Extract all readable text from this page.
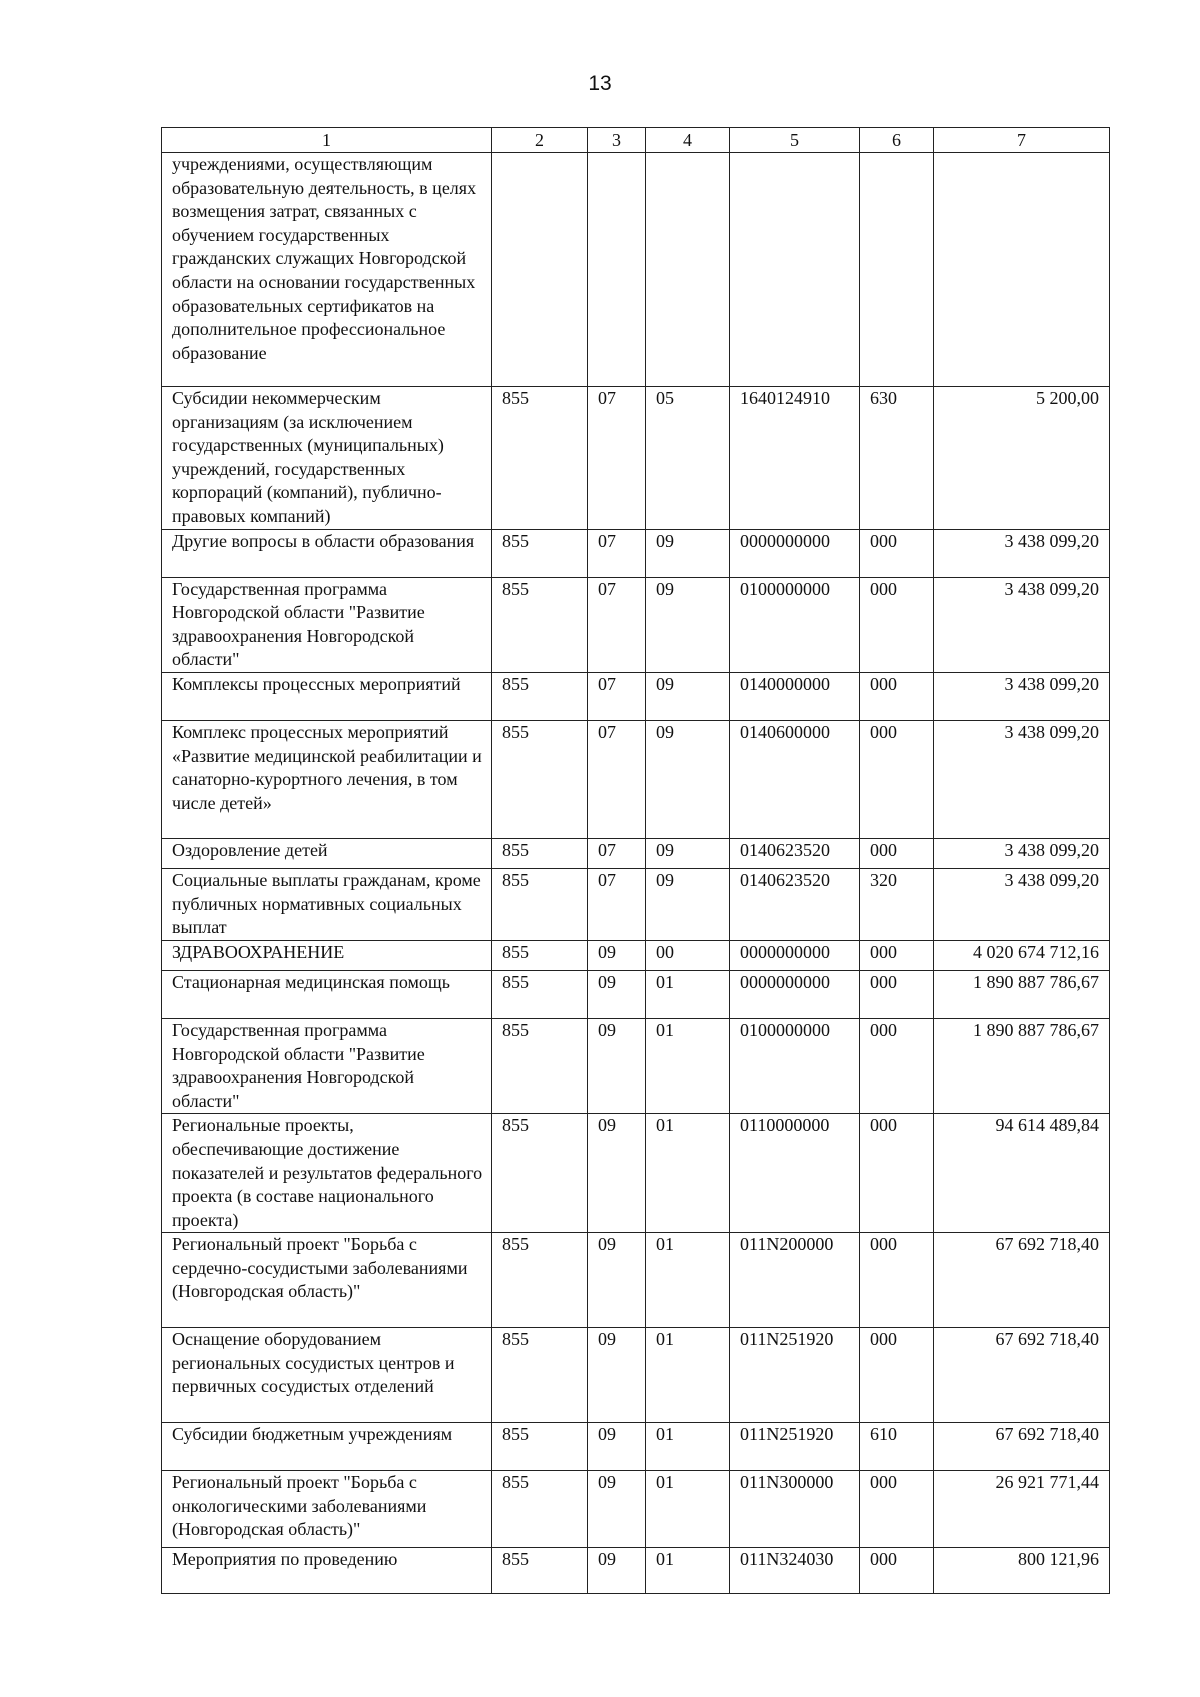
13
1	2	3	4	5	6	7
учреждениями, осуществляющим образовательную деятельность, в целях возмещения затрат, связанных с обучением государственных гражданских служащих Новгородской области на основании государственных образовательных сертификатов на дополнительное профессиональное образование						
Субсидии некоммерческим организациям (за исключением государственных (муниципальных) учреждений, государственных корпораций (компаний), публично-правовых компаний)	855	07	05	1640124910	630	5 200,00
Другие вопросы в области образования	855	07	09	0000000000	000	3 438 099,20
Государственная программа Новгородской области "Развитие здравоохранения Новгородской области"	855	07	09	0100000000	000	3 438 099,20
Комплексы процессных мероприятий	855	07	09	0140000000	000	3 438 099,20
Комплекс процессных мероприятий «Развитие медицинской реабилитации и санаторно-курортного лечения, в том числе детей»	855	07	09	0140600000	000	3 438 099,20
Оздоровление детей	855	07	09	0140623520	000	3 438 099,20
Социальные выплаты гражданам, кроме публичных нормативных социальных выплат	855	07	09	0140623520	320	3 438 099,20
ЗДРАВООХРАНЕНИЕ	855	09	00	0000000000	000	4 020 674 712,16
Стационарная медицинская помощь	855	09	01	0000000000	000	1 890 887 786,67
Государственная программа Новгородской области "Развитие здравоохранения Новгородской области"	855	09	01	0100000000	000	1 890 887 786,67
Региональные проекты, обеспечивающие достижение показателей и результатов федерального проекта (в составе национального проекта)	855	09	01	0110000000	000	94 614 489,84
Региональный проект "Борьба с сердечно-сосудистыми заболеваниями (Новгородская область)"	855	09	01	011N200000	000	67 692 718,40
Оснащение оборудованием региональных сосудистых центров и первичных сосудистых отделений	855	09	01	011N251920	000	67 692 718,40
Субсидии бюджетным учреждениям	855	09	01	011N251920	610	67 692 718,40
Региональный проект "Борьба с онкологическими заболеваниями (Новгородская область)"	855	09	01	011N300000	000	26 921 771,44
Мероприятия по проведению	855	09	01	011N324030	000	800 121,96
